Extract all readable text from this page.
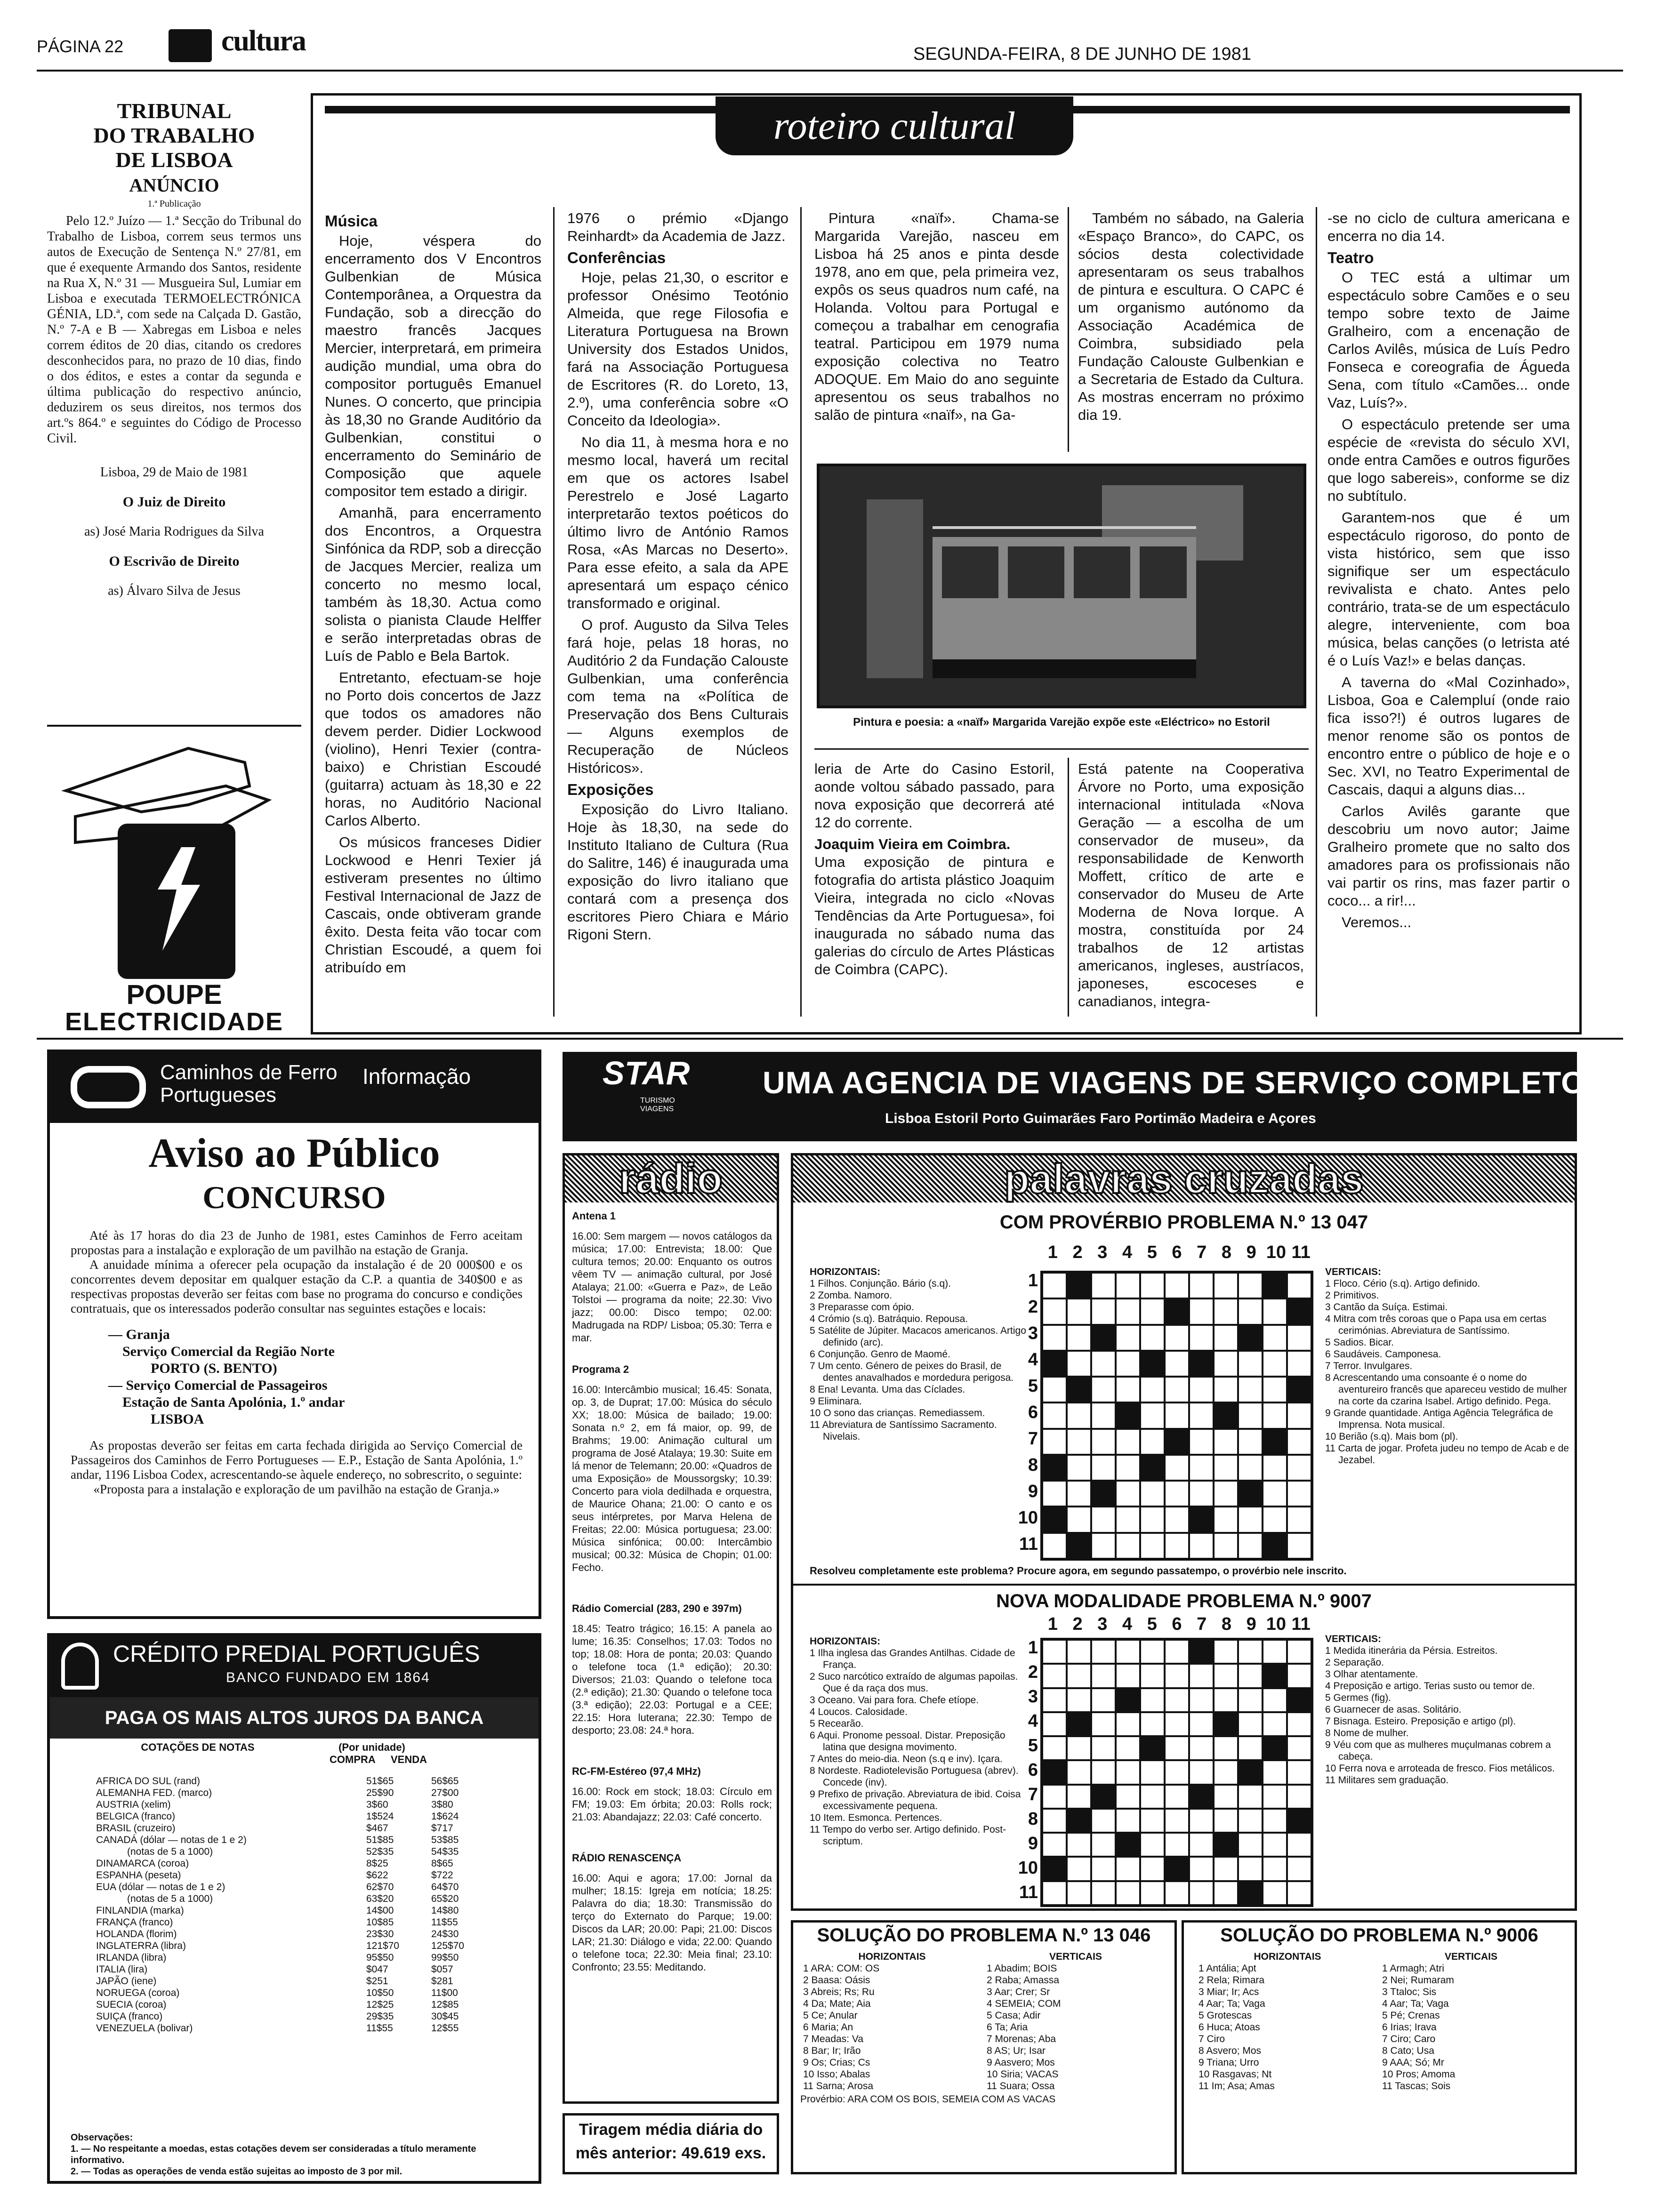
PÁGINA 22	cultura	SEGUNDA-FEIRA, 8 DE JUNHO DE 1981
TRIBUNAL
DO TRABALHO
DE LISBOA
ANÚNCIO
1.ª Publicação

Pelo 12.º Juízo — 1.ª Secção do Tribunal do Trabalho de Lisboa, correm seus termos uns autos de Execução de Sentença N.º 27/81, em que é exequente Armando dos Santos, residente na Rua X, N.º 31 — Musgueira Sul, Lumiar em Lisboa e executada TERMOELECTRÓNICA GÉNIA, LD.ª, com sede na Calçada D. Gastão, N.º 7-A e B — Xabregas em Lisboa e neles correm éditos de 20 dias, citando os credores desconhecidos para, no prazo de 10 dias, findo o dos éditos, e estes a contar da segunda e última publicação do respectivo anúncio, deduzirem os seus direitos, nos termos dos art.ºs 864.º e seguintes do Código de Processo Civil.

Lisboa, 29 de Maio de 1981
O Juiz de Direito
as) José Maria Rodrigues da Silva
O Escrivão de Direito
as) Álvaro Silva de Jesus
POUPE
ELECTRICIDADE
roteiro cultural
Música

Hoje, véspera do encerramento dos V Encontros Gulbenkian de Música Contemporânea, a Orquestra da Fundação, sob a direcção do maestro francês Jacques Mercier, interpretará, em primeira audição mundial, uma obra do compositor português Emanuel Nunes. O concerto, que principia às 18,30 no Grande Auditório da Gulbenkian, constitui o encerramento do Seminário de Composição que aquele compositor tem estado a dirigir.

Amanhã, para encerramento dos Encontros, a Orquestra Sinfónica da RDP, sob a direcção de Jacques Mercier, realiza um concerto no mesmo local, também às 18,30. Actua como solista o pianista Claude Helffer e serão interpretadas obras de Luís de Pablo e Bela Bartok.

Entretanto, efectuam-se hoje no Porto dois concertos de Jazz que todos os amadores não devem perder. Didier Lockwood (violino), Henri Texier (contra-baixo) e Christian Escoudé (guitarra) actuam às 18,30 e 22 horas, no Auditório Nacional Carlos Alberto.

Os músicos franceses Didier Lockwood e Henri Texier já estiveram presentes no último Festival Internacional de Jazz de Cascais, onde obtiveram grande êxito. Desta feita vão tocar com Christian Escoudé, a quem foi atribuído em

1976 o prémio «Django Reinhardt» da Academia de Jazz.

Conferências

Hoje, pelas 21,30, o escritor e professor Onésimo Teotónio Almeida, que rege Filosofia e Literatura Portuguesa na Brown University dos Estados Unidos, fará na Associação Portuguesa de Escritores (R. do Loreto, 13, 2.º), uma conferência sobre «O Conceito da Ideologia».

No dia 11, à mesma hora e no mesmo local, haverá um recital em que os actores Isabel Perestrelo e José Lagarto interpretarão textos poéticos do último livro de António Ramos Rosa, «As Marcas no Deserto». Para esse efeito, a sala da APE apresentará um espaço cénico transformado e original.

O prof. Augusto da Silva Teles fará hoje, pelas 18 horas, no Auditório 2 da Fundação Calouste Gulbenkian, uma conferência com tema na «Política de Preservação dos Bens Culturais — Alguns exemplos de Recuperação de Núcleos Históricos».

Exposições

Exposição do Livro Italiano. Hoje às 18,30, na sede do Instituto Italiano de Cultura (Rua do Salitre, 146) é inaugurada uma exposição do livro italiano que contará com a presença dos escritores Piero Chiara e Mário Rigoni Stern.

Pintura «naïf». Chama-se Margarida Varejão, nasceu em Lisboa há 25 anos e pinta desde 1978, ano em que, pela primeira vez, expôs os seus quadros num café, na Holanda. Voltou para Portugal e começou a trabalhar em cenografia teatral. Participou em 1979 numa exposição colectiva no Teatro ADOQUE. Em Maio do ano seguinte apresentou os seus trabalhos no salão de pintura «naïf», na Ga-

Também no sábado, na Galeria «Espaço Branco», do CAPC, os sócios desta colectividade apresentaram os seus trabalhos de pintura e escultura. O CAPC é um organismo autónomo da Associação Académica de Coimbra, subsidiado pela Fundação Calouste Gulbenkian e a Secretaria de Estado da Cultura. As mostras encerram no próximo dia 19.

Pintura e poesia: a «naïf» Margarida Varejão expõe este «Eléctrico» no Estoril

leria de Arte do Casino Estoril, aonde voltou sábado passado, para nova exposição que decorrerá até 12 do corrente.

Joaquim Vieira em Coimbra.

Uma exposição de pintura e fotografia do artista plástico Joaquim Vieira, integrada no ciclo «Novas Tendências da Arte Portuguesa», foi inaugurada no sábado numa das galerias do círculo de Artes Plásticas de Coimbra (CAPC).

Está patente na Cooperativa Árvore no Porto, uma exposição internacional intitulada «Nova Geração — a escolha de um conservador de museu», da responsabilidade de Kenworth Moffett, crítico de arte e conservador do Museu de Arte Moderna de Nova Iorque. A mostra, constituída por 24 trabalhos de 12 artistas americanos, ingleses, austríacos, japoneses, escoceses e canadianos, integra-

-se no ciclo de cultura americana e encerra no dia 14.

Teatro

O TEC está a ultimar um espectáculo sobre Camões e o seu tempo sobre texto de Jaime Gralheiro, com a encenação de Carlos Avilês, música de Luís Pedro Fonseca e coreografia de Águeda Sena, com título «Camões... onde Vaz, Luís?».

O espectáculo pretende ser uma espécie de «revista do século XVI, onde entra Camões e outros figurões que logo sabereis», conforme se diz no subtítulo.

Garantem-nos que é um espectáculo rigoroso, do ponto de vista histórico, sem que isso signifique ser um espectáculo revivalista e chato. Antes pelo contrário, trata-se de um espectáculo alegre, interveniente, com boa música, belas canções (o letrista até é o Luís Vaz!» e belas danças.

A taverna do «Mal Cozinhado», Lisboa, Goa e Calempluí (onde raio fica isso?!) é outros lugares de menor renome são os pontos de encontro entre o público de hoje e o Sec. XVI, no Teatro Experimental de Cascais, daqui a alguns dias...

Carlos Avilês garante que descobriu um novo autor; Jaime Gralheiro promete que no salto dos amadores para os profissionais não vai partir os rins, mas fazer partir o coco... a rir!...

Veremos...

Caminhos de Ferro
Portugueses
Informação
Aviso ao Público
CONCURSO

Até às 17 horas do dia 23 de Junho de 1981, estes Caminhos de Ferro aceitam propostas para a instalação e exploração de um pavilhão na estação de Granja.

A anuidade mínima a oferecer pela ocupação da instalação é de 20 000$00 e os concorrentes devem depositar em qualquer estação da C.P. a quantia de 340$00 e as respectivas propostas deverão ser feitas com base no programa do concurso e condições contratuais, que os interessados poderão consultar nas seguintes estações e locais:

— Granja
Serviço Comercial da Região Norte
PORTO (S. BENTO)
— Serviço Comercial de Passageiros
Estação de Santa Apolónia, 1.º andar
LISBOA

As propostas deverão ser feitas em carta fechada dirigida ao Serviço Comercial de Passageiros dos Caminhos de Ferro Portugueses — E.P., Estação de Santa Apolónia, 1.º andar, 1196 Lisboa Codex, acrescentando-se àquele endereço, no sobrescrito, o seguinte:

«Proposta para a instalação e exploração de um pavilhão na estação de Granja.»

CRÉDITO PREDIAL PORTUGUÊS
BANCO FUNDADO EM 1864
PAGA OS MAIS ALTOS JUROS DA BANCA
COTAÇÕES DE NOTAS	(Por unidade)
COMPRA	VENDA
AFRICA DO SUL (rand)	51$65	56$65
ALEMANHA FED. (marco)	25$90	27$00
AUSTRIA (xelim)	3$60	3$80
BELGICA (franco)	1$524	1$624
BRASIL (cruzeiro)	$467	$717
CANADÁ (dólar — notas de 1 e 2)	51$85	53$85
(notas de 5 a 1000)	52$35	54$35
DINAMARCA (coroa)	8$25	8$65
ESPANHA (peseta)	$622	$722
EUA (dólar — notas de 1 e 2)	62$70	64$70
(notas de 5 a 1000)	63$20	65$20
FINLANDIA (marka)	14$00	14$80
FRANÇA (franco)	10$85	11$55
HOLANDA (florim)	23$30	24$30
INGLATERRA (libra)	121$70	125$70
IRLANDA (libra)	95$50	99$50
ITALIA (lira)	$047	$057
JAPÃO (iene)	$251	$281
NORUEGA (coroa)	10$50	11$00
SUECIA (coroa)	12$25	12$85
SUIÇA (franco)	29$35	30$45
VENEZUELA (bolivar)	11$55	12$55
Observações:
1. — No respeitante a moedas, estas cotações devem ser consideradas a título meramente informativo.
2. — Todas as operações de venda estão sujeitas ao imposto de 3 por mil.
STAR
TURISMO VIAGENS
UMA AGENCIA DE VIAGENS DE SERVIÇO COMPLETO
Lisboa Estoril Porto Guimarães Faro Portimão Madeira e Açores
rádio
Antena 1

16.00: Sem margem — novos catálogos da música; 17.00: Entrevista; 18.00: Que cultura temos; 20.00: Enquanto os outros vêem TV — animação cultural, por José Atalaya; 21.00: «Guerra e Paz», de Leão Tolstoi — programa da noite; 22.30: Vivo jazz; 00.00: Disco tempo; 02.00: Madrugada na RDP/ Lisboa; 05.30: Terra e mar.

Programa 2

16.00: Intercâmbio musical; 16.45: Sonata, op. 3, de Duprat; 17.00: Música do século XX; 18.00: Música de bailado; 19.00: Sonata n.º 2, em fá maior, op. 99, de Brahms; 19.00: Animação cultural um programa de José Atalaya; 19.30: Suite em lá menor de Telemann; 20.00: «Quadros de uma Exposição» de Moussorgsky; 10.39: Concerto para viola dedilhada e orquestra, de Maurice Ohana; 21.00: O canto e os seus intérpretes, por Marva Helena de Freitas; 22.00: Música portuguesa; 23.00: Música sinfónica; 00.00: Intercâmbio musical; 00.32: Música de Chopin; 01.00: Fecho.

Rádio Comercial (283, 290 e 397m)

18.45: Teatro trágico; 16.15: A panela ao lume; 16.35: Conselhos; 17.03: Todos no top; 18.08: Hora de ponta; 20.03: Quando o telefone toca (1.ª edição); 20.30: Diversos; 21.03: Quando o telefone toca (2.ª edição); 21.30: Quando o telefone toca (3.ª edição); 22.03: Portugal e a CEE; 22.15: Hora luterana; 22.30: Tempo de desporto; 23.08: 24.ª hora.

RC-FM-Estéreo (97,4 MHz)

16.00: Rock em stock; 18.03: Círculo em FM; 19.03: Em órbita; 20.03: Rolls rock; 21.03: Abandajazz; 22.03: Café concerto.

RÁDIO RENASCENÇA

16.00: Aqui e agora; 17.00: Jornal da mulher; 18.15: Igreja em notícia; 18.25: Palavra do dia; 18.30: Transmissão do terço do Externato do Parque; 19.00: Discos da LAR; 20.00: Papi; 21.00: Discos LAR; 21.30: Diálogo e vida; 22.00: Quando o telefone toca; 22.30: Meia final; 23.10: Confronto; 23.55: Meditando.

Tiragem média diária do
mês anterior: 49.619 exs.
palavras cruzadas
COM PROVÉRBIO PROBLEMA N.º 13 047
HORIZONTAIS:
1 Filhos. Conjunção. Bário (s.q).
2 Zomba. Namoro.
3 Preparasse com ópio.
4 Crómio (s.q). Batráquio. Repousa.
5 Satélite de Júpiter. Macacos americanos. Artigo definido (arc).
6 Conjunção. Genro de Maomé.
7 Um cento. Género de peixes do Brasil, de dentes anavalhados e mordedura perigosa.
8 Ena! Levanta. Uma das Cíclades.
9 Eliminara.
10 O sono das crianças. Remediassem.
11 Abreviatura de Santíssimo Sacramento. Nivelais.
1 2 3 4 5 6 7 8 9 10 11
1
2
3
4
5
6
7
8
9
10
11
VERTICAIS:
1 Floco. Cério (s.q). Artigo definido.
2 Primitivos.
3 Cantão da Suíça. Estimai.
4 Mitra com três coroas que o Papa usa em certas cerimónias. Abreviatura de Santíssimo.
5 Sadios. Bicar.
6 Saudáveis. Camponesa.
7 Terror. Invulgares.
8 Acrescentando uma consoante é o nome do aventureiro francês que apareceu vestido de mulher na corte da czarina Isabel. Artigo definido. Pega.
9 Grande quantidade. Antiga Agência Telegráfica de Imprensa. Nota musical.
10 Berião (s.q). Mais bom (pl).
11 Carta de jogar. Profeta judeu no tempo de Acab e de Jezabel.
Resolveu completamente este problema? Procure agora, em segundo passatempo, o provérbio nele inscrito.
NOVA MODALIDADE PROBLEMA N.º 9007
HORIZONTAIS:
1 Ilha inglesa das Grandes Antilhas. Cidade de França.
2 Suco narcótico extraído de algumas papoilas. Que é da raça dos mus.
3 Oceano. Vai para fora. Chefe etíope.
4 Loucos. Calosidade.
5 Recearão.
6 Aqui. Pronome pessoal. Distar. Preposição latina que designa movimento.
7 Antes do meio-dia. Neon (s.q e inv). Içara.
8 Nordeste. Radiotelevisão Portuguesa (abrev). Concede (inv).
9 Prefixo de privação. Abreviatura de ibid. Coisa excessivamente pequena.
10 Item. Esmonca. Pertences.
11 Tempo do verbo ser. Artigo definido. Post-scriptum.
1 2 3 4 5 6 7 8 9 10 11
1
2
3
4
5
6
7
8
9
10
11
VERTICAIS:
1 Medida itinerária da Pérsia. Estreitos.
2 Separação.
3 Olhar atentamente.
4 Preposição e artigo. Terias susto ou temor de.
5 Germes (fig).
6 Guarnecer de asas. Solitário.
7 Bisnaga. Esteiro. Preposição e artigo (pl).
8 Nome de mulher.
9 Véu com que as mulheres muçulmanas cobrem a cabeça.
10 Ferra nova e arroteada de fresco. Fios metálicos.
11 Militares sem graduação.
SOLUÇÃO DO PROBLEMA N.º 13 046
HORIZONTAIS	VERTICAIS
1 ARA: COM: OS	1 Abadim; BOIS
2 Baasa: Oásis	2 Raba; Amassa
3 Abreis; Rs; Ru	3 Aar; Crer; Sr
4 Da; Mate; Aia	4 SEMEIA; COM
5 Ce; Anular	5 Casa; Adir
6 Maria; An	6 Ta; Aria
7 Meadas: Va	7 Morenas; Aba
8 Bar; Ir; Irão	8 AS; Ur; Isar
9 Os; Crias; Cs	9 Aasvero; Mos
10 Isso; Abalas	10 Siria; VACAS
11 Sarna; Arosa	11 Suara; Ossa
Provérbio: ARA COM OS BOIS, SEMEIA COM AS VACAS
SOLUÇÃO DO PROBLEMA N.º 9006
HORIZONTAIS	VERTICAIS
1 Antália; Apt	1 Armagh; Atri
2 Rela; Rimara	2 Nei; Rumaram
3 Miar; Ir; Acs	3 Ttaloc; Sis
4 Aar; Ta; Vaga	4 Aar; Ta; Vaga
5 Grotescas	5 Pé; Crenas
6 Huca; Atoas	6 Irias; Irava
7 Ciro	7 Ciro; Caro
8 Asvero; Mos	8 Cato; Usa
9 Triana; Urro	9 AAA; Só; Mr
10 Rasgavas; Nt	10 Pros; Amoma
11 Im; Asa; Amas	11 Tascas; Sois
